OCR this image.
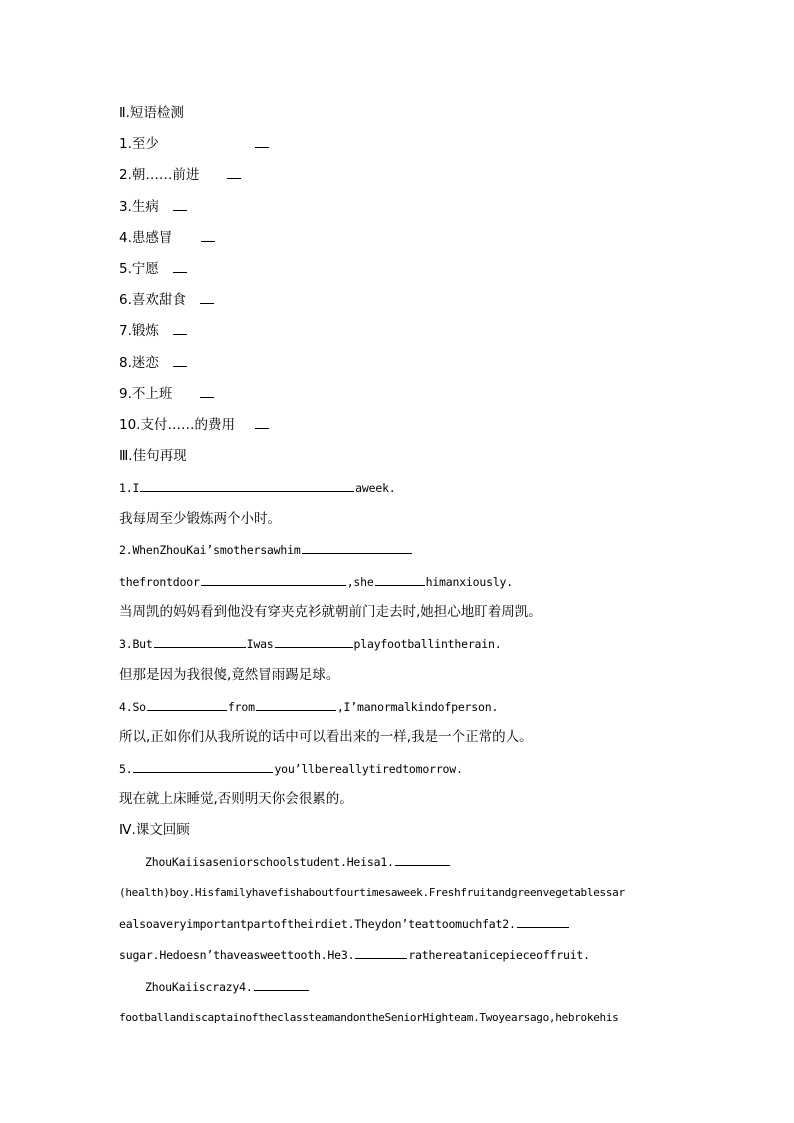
Ⅱ.短语检测
1.至少
2.朝……前进
3.生病
4.患感冒
5.宁愿
6.喜欢甜食
7.锻炼
8.迷恋
9.不上班
10.支付……的费用
Ⅲ.佳句再现
1.I	aweek.
我每周至少锻炼两个小时。
2.WhenZhouKai’smothersawhim
thefrontdoor	,she	himanxiously.
当周凯的妈妈看到他没有穿夹克衫就朝前门走去时,她担心地盯着周凯。
3.But	Iwas	playfootballintherain.
但那是因为我很傻,竟然冒雨踢足球。
4.So	from	,I’manormalkindofperson.
所以,正如你们从我所说的话中可以看出来的一样,我是一个正常的人。
5.	you’llbereallytiredtomorrow.
现在就上床睡觉,否则明天你会很累的。
Ⅳ.课文回顾
ZhouKaiisaseniorschoolstudent.Heisa1.
(health)boy.Hisfamilyhavefishaboutfourtimesaweek.Freshfruitandgreenvegetablessar
ealsoaveryimportantpartoftheirdiet.Theydon’teattoomuchfat2.
sugar.Hedoesn’thaveasweettooth.He3.	rathereatanicepieceoffruit.
ZhouKaiiscrazy4.
footballandiscaptainoftheclassteamandontheSeniorHighteam.Twoyearsago,hebrokehis
